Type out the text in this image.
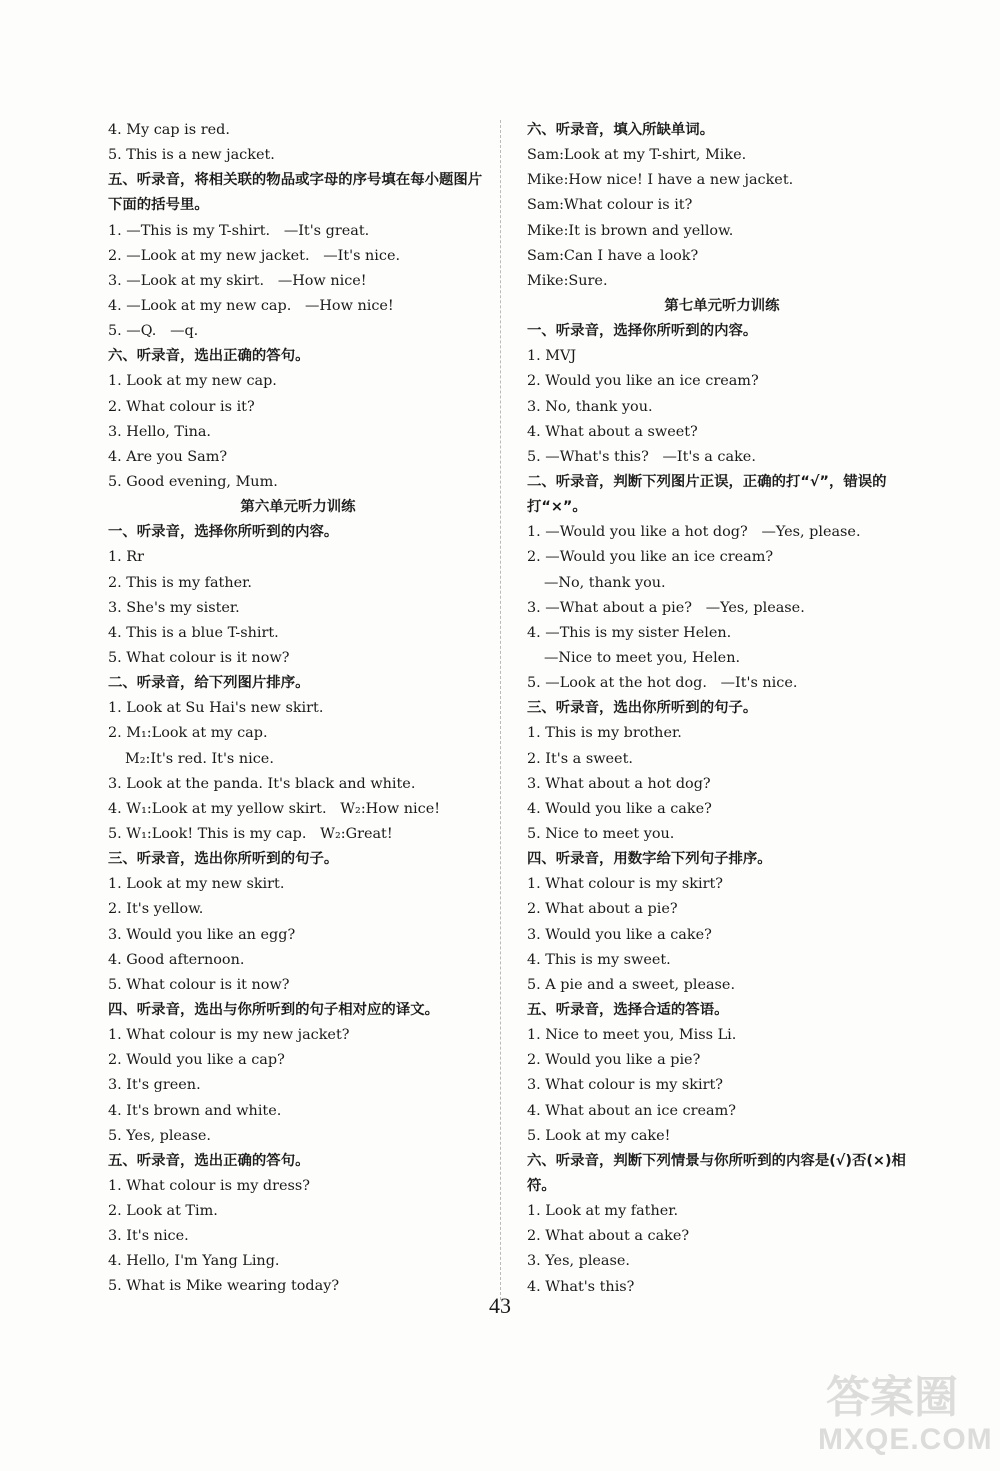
4. My cap is red.
5. This is a new jacket.
五、听录音，将相关联的物品或字母的序号填在每小题图片下面的括号里。
1. —This is my T-shirt.   —It's great.
2. —Look at my new jacket.   —It's nice.
3. —Look at my skirt.   —How nice!
4. —Look at my new cap.   —How nice!
5. —Q.   —q.
六、听录音，选出正确的答句。
1. Look at my new cap.
2. What colour is it?
3. Hello, Tina.
4. Are you Sam?
5. Good evening, Mum.
第六单元听力训练
一、听录音，选择你所听到的内容。
1. Rr
2. This is my father.
3. She's my sister.
4. This is a blue T-shirt.
5. What colour is it now?
二、听录音，给下列图片排序。
1. Look at Su Hai's new skirt.
2. M₁:Look at my cap.
M₂:It's red. It's nice.
3. Look at the panda. It's black and white.
4. W₁:Look at my yellow skirt.   W₂:How nice!
5. W₁:Look! This is my cap.   W₂:Great!
三、听录音，选出你所听到的句子。
1. Look at my new skirt.
2. It's yellow.
3. Would you like an egg?
4. Good afternoon.
5. What colour is it now?
四、听录音，选出与你所听到的句子相对应的译文。
1. What colour is my new jacket?
2. Would you like a cap?
3. It's green.
4. It's brown and white.
5. Yes, please.
五、听录音，选出正确的答句。
1. What colour is my dress?
2. Look at Tim.
3. It's nice.
4. Hello, I'm Yang Ling.
5. What is Mike wearing today?
六、听录音，填入所缺单词。
Sam:Look at my T-shirt, Mike.
Mike:How nice! I have a new jacket.
Sam:What colour is it?
Mike:It is brown and yellow.
Sam:Can I have a look?
Mike:Sure.
第七单元听力训练
一、听录音，选择你所听到的内容。
1. MVJ
2. Would you like an ice cream?
3. No, thank you.
4. What about a sweet?
5. —What's this?   —It's a cake.
二、听录音，判断下列图片正误，正确的打“√”，错误的打“×”。
1. —Would you like a hot dog?   —Yes, please.
2. —Would you like an ice cream?
—No, thank you.
3. —What about a pie?   —Yes, please.
4. —This is my sister Helen.
—Nice to meet you, Helen.
5. —Look at the hot dog.   —It's nice.
三、听录音，选出你所听到的句子。
1. This is my brother.
2. It's a sweet.
3. What about a hot dog?
4. Would you like a cake?
5. Nice to meet you.
四、听录音，用数字给下列句子排序。
1. What colour is my skirt?
2. What about a pie?
3. Would you like a cake?
4. This is my sweet.
5. A pie and a sweet, please.
五、听录音，选择合适的答语。
1. Nice to meet you, Miss Li.
2. Would you like a pie?
3. What colour is my skirt?
4. What about an ice cream?
5. Look at my cake!
六、听录音，判断下列情景与你所听到的内容是(√)否(×)相符。
1. Look at my father.
2. What about a cake?
3. Yes, please.
4. What's this?
43
答案圈
MXQE.COM
